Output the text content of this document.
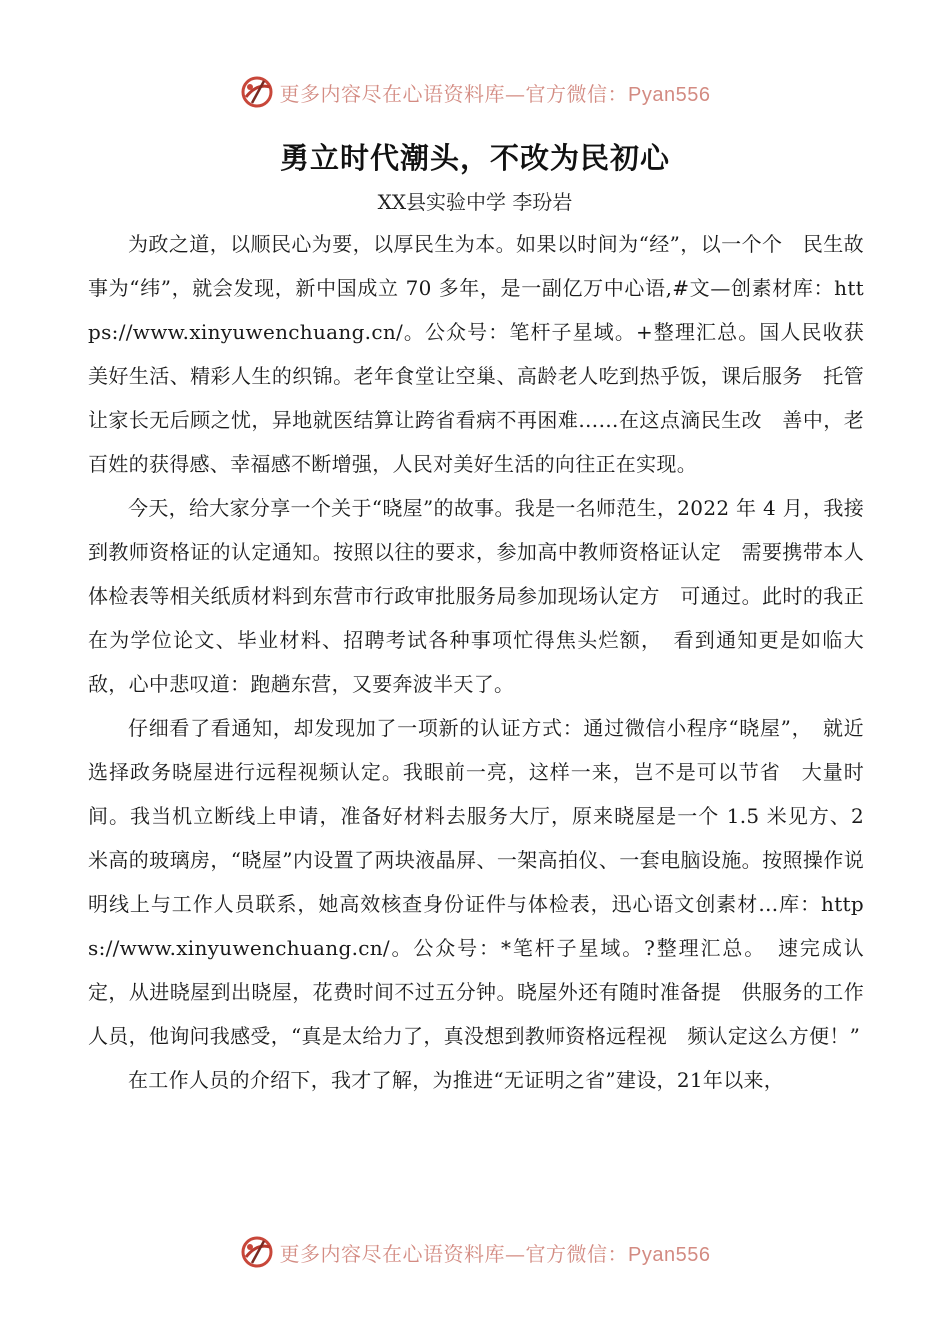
更多内容尽在心语资料库—官方微信：Pyan556
勇立时代潮头，不改为民初心
XX县实验中学 李玢岩

为政之道，以顺民心为要，以厚民生为本。如果以时间为“经”，以一个个　民生故事为“纬”，就会发现，新中国成立 70 多年，是一副亿万中心语,#文—创素材库：https://www.xinyuwenchuang.cn/。公众号：笔杆子星域。+整理汇总。国人民收获美好生活、精彩人生的织锦。老年食堂让空巢、高龄老人吃到热乎饭，课后服务　托管让家长无后顾之忧，异地就医结算让跨省看病不再困难……在这点滴民生改　善中，老百姓的获得感、幸福感不断增强，人民对美好生活的向往正在实现。

今天，给大家分享一个关于“晓屋”的故事。我是一名师范生，2022 年 4 月，我接到教师资格证的认定通知。按照以往的要求，参加高中教师资格证认定　需要携带本人体检表等相关纸质材料到东营市行政审批服务局参加现场认定方　可通过。此时的我正在为学位论文、毕业材料、招聘考试各种事项忙得焦头烂额，　看到通知更是如临大敌，心中悲叹道：跑趟东营，又要奔波半天了。

仔细看了看通知，却发现加了一项新的认证方式：通过微信小程序“晓屋”，　就近选择政务晓屋进行远程视频认定。我眼前一亮，这样一来，岂不是可以节省　大量时间。我当机立断线上申请，准备好材料去服务大厅，原来晓屋是一个 1.5 米见方、2 米高的玻璃房，“晓屋”内设置了两块液晶屏、一架高拍仪、一套电脑设施。按照操作说明线上与工作人员联系，她高效核查身份证件与体检表，迅心语文创素材…库：https://www.xinyuwenchuang.cn/。公众号：*笔杆子星域。?整理汇总。　速完成认定，从进晓屋到出晓屋，花费时间不过五分钟。晓屋外还有随时准备提　供服务的工作人员，他询问我感受，“真是太给力了，真没想到教师资格远程视　频认定这么方便！”

在工作人员的介绍下，我才了解，为推进“无证明之省”建设，21年以来，

更多内容尽在心语资料库—官方微信：Pyan556
